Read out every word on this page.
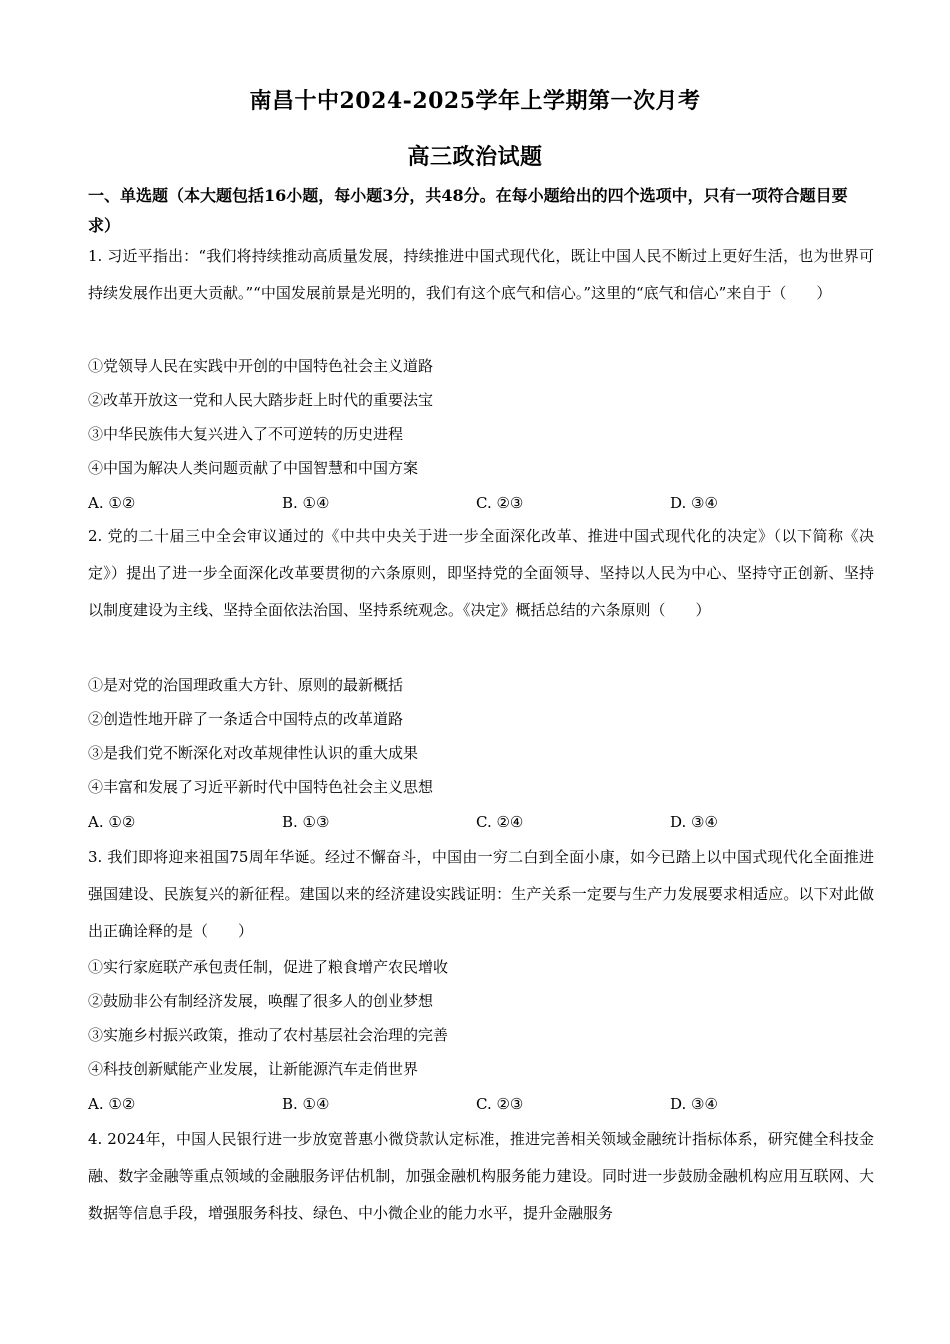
南昌十中2024-2025学年上学期第一次月考
高三政治试题
一、单选题（本大题包括16小题，每小题3分，共48分。在每小题给出的四个选项中，只有一项符合题目要求）
1. 习近平指出：“我们将持续推动高质量发展，持续推进中国式现代化，既让中国人民不断过上更好生活，也为世界可持续发展作出更大贡献。”“中国发展前景是光明的，我们有这个底气和信心。”这里的“底气和信心”来自于（　　）
①党领导人民在实践中开创的中国特色社会主义道路
②改革开放这一党和人民大踏步赶上时代的重要法宝
③中华民族伟大复兴进入了不可逆转的历史进程
④中国为解决人类问题贡献了中国智慧和中国方案
A. ①②	B. ①④	C. ②③	D. ③④
2. 党的二十届三中全会审议通过的《中共中央关于进一步全面深化改革、推进中国式现代化的决定》（以下简称《决定》）提出了进一步全面深化改革要贯彻的六条原则，即坚持党的全面领导、坚持以人民为中心、坚持守正创新、坚持以制度建设为主线、坚持全面依法治国、坚持系统观念。《决定》概括总结的六条原则（　　）
①是对党的治国理政重大方针、原则的最新概括
②创造性地开辟了一条适合中国特点的改革道路
③是我们党不断深化对改革规律性认识的重大成果
④丰富和发展了习近平新时代中国特色社会主义思想
A. ①②	B. ①③	C. ②④	D. ③④
3. 我们即将迎来祖国75周年华诞。经过不懈奋斗，中国由一穷二白到全面小康，如今已踏上以中国式现代化全面推进强国建设、民族复兴的新征程。建国以来的经济建设实践证明：生产关系一定要与生产力发展要求相适应。以下对此做出正确诠释的是（　　）
①实行家庭联产承包责任制，促进了粮食增产农民增收
②鼓励非公有制经济发展，唤醒了很多人的创业梦想
③实施乡村振兴政策，推动了农村基层社会治理的完善
④科技创新赋能产业发展，让新能源汽车走俏世界
A. ①②	B. ①④	C. ②③	D. ③④
4. 2024年，中国人民银行进一步放宽普惠小微贷款认定标准，推进完善相关领域金融统计指标体系，研究健全科技金融、数字金融等重点领域的金融服务评估机制，加强金融机构服务能力建设。同时进一步鼓励金融机构应用互联网、大数据等信息手段，增强服务科技、绿色、中小微企业的能力水平，提升金融服务
